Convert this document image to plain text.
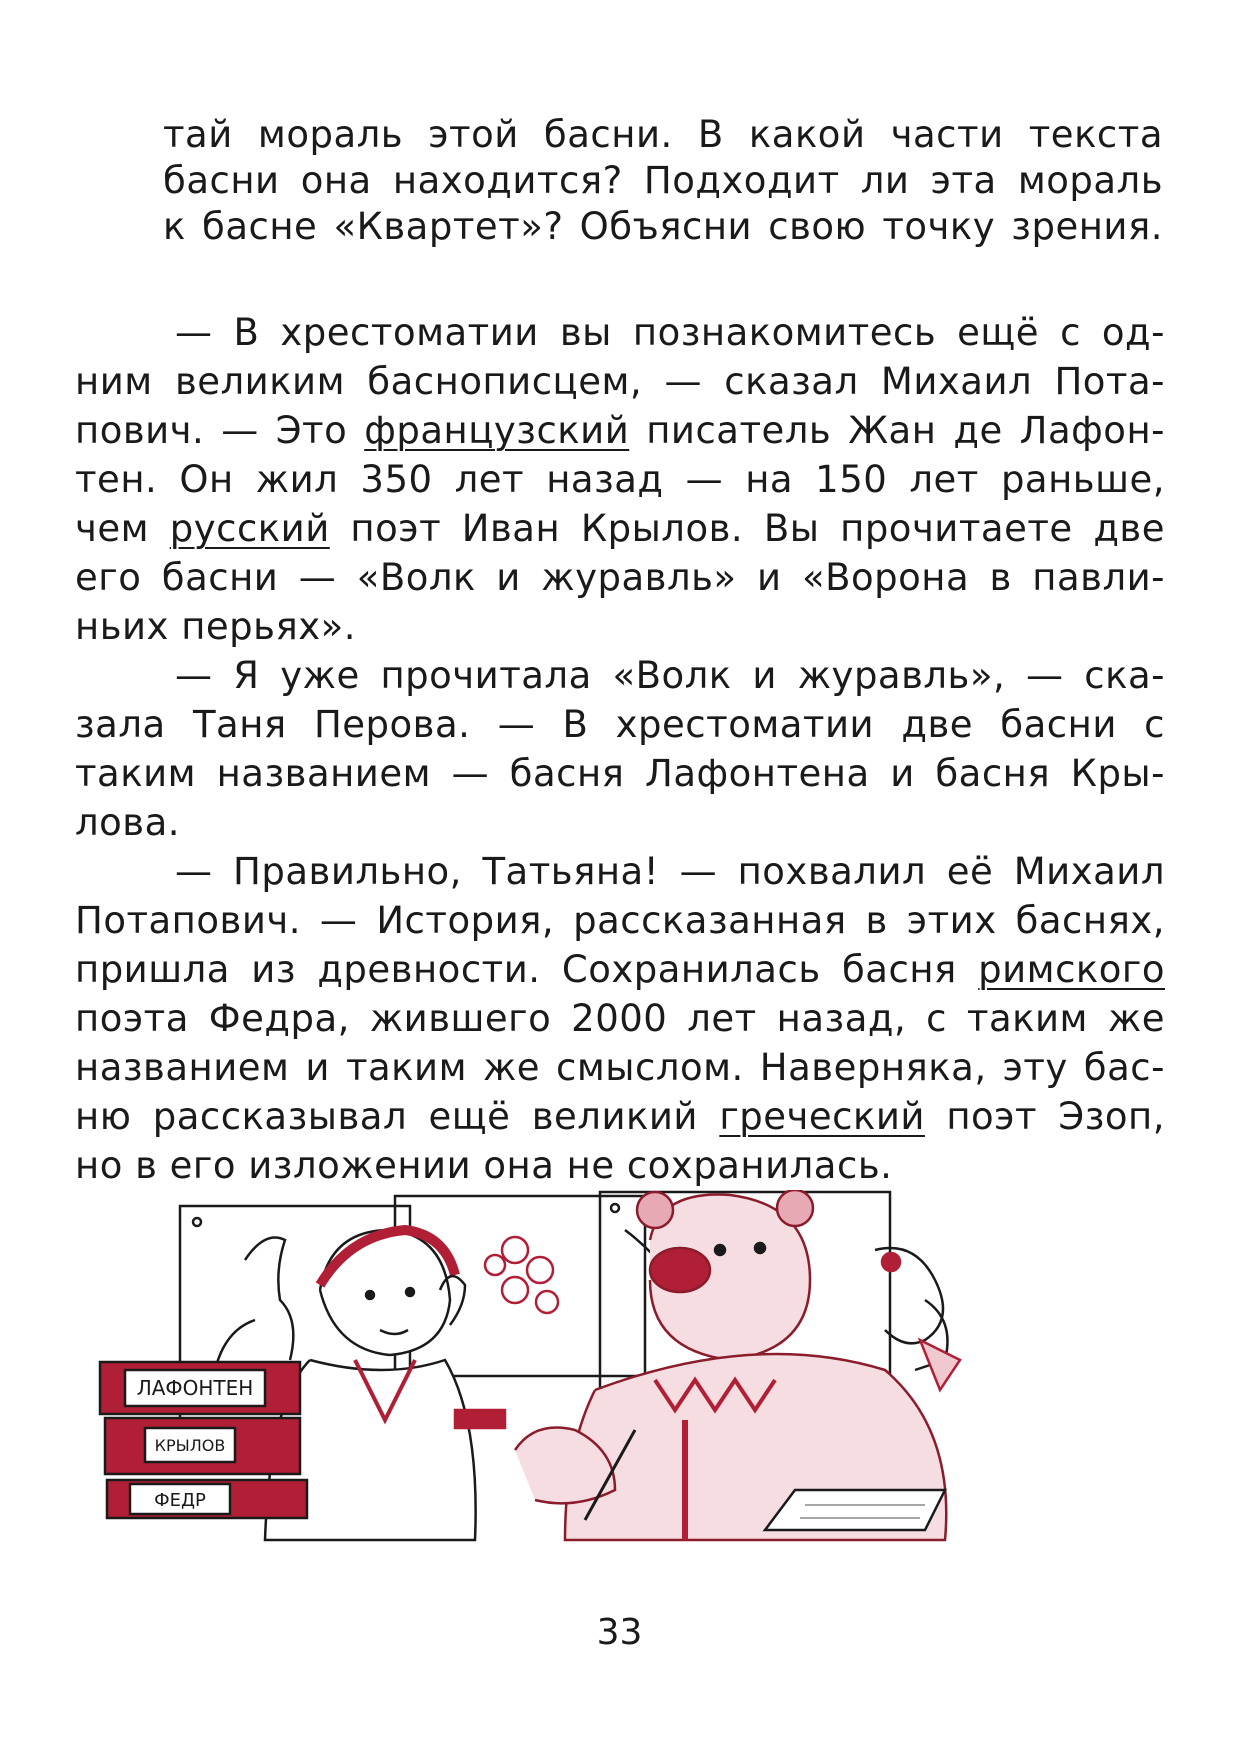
тай мораль этой басни. В какой части текста
басни она находится? Подходит ли эта мораль
к басне «Квартет»? Объясни свою точку зрения.
— В хрестоматии вы познакомитесь ещё с од-
ним великим баснописцем, — сказал Михаил Пота-
пович. — Это французский писатель Жан де Лафон-
тен. Он жил 350 лет назад — на 150 лет раньше,
чем русский поэт Иван Крылов. Вы прочитаете две
его басни — «Волк и журавль» и «Ворона в павли-
ньих перьях».
— Я уже прочитала «Волк и журавль», — ска-
зала Таня Перова. — В хрестоматии две басни с
таким названием — басня Лафонтена и басня Кры-
лова.
— Правильно, Татьяна! — похвалил её Михаил
Потапович. — История, рассказанная в этих баснях,
пришла из древности. Сохранилась басня римского
поэта Федра, жившего 2000 лет назад, с таким же
названием и таким же смыслом. Наверняка, эту бас-
ню рассказывал ещё великий греческий поэт Эзоп,
но в его изложении она не сохранилась.
ЛАФОНТЕН
КРЫЛОВ
ФЕДР
33
